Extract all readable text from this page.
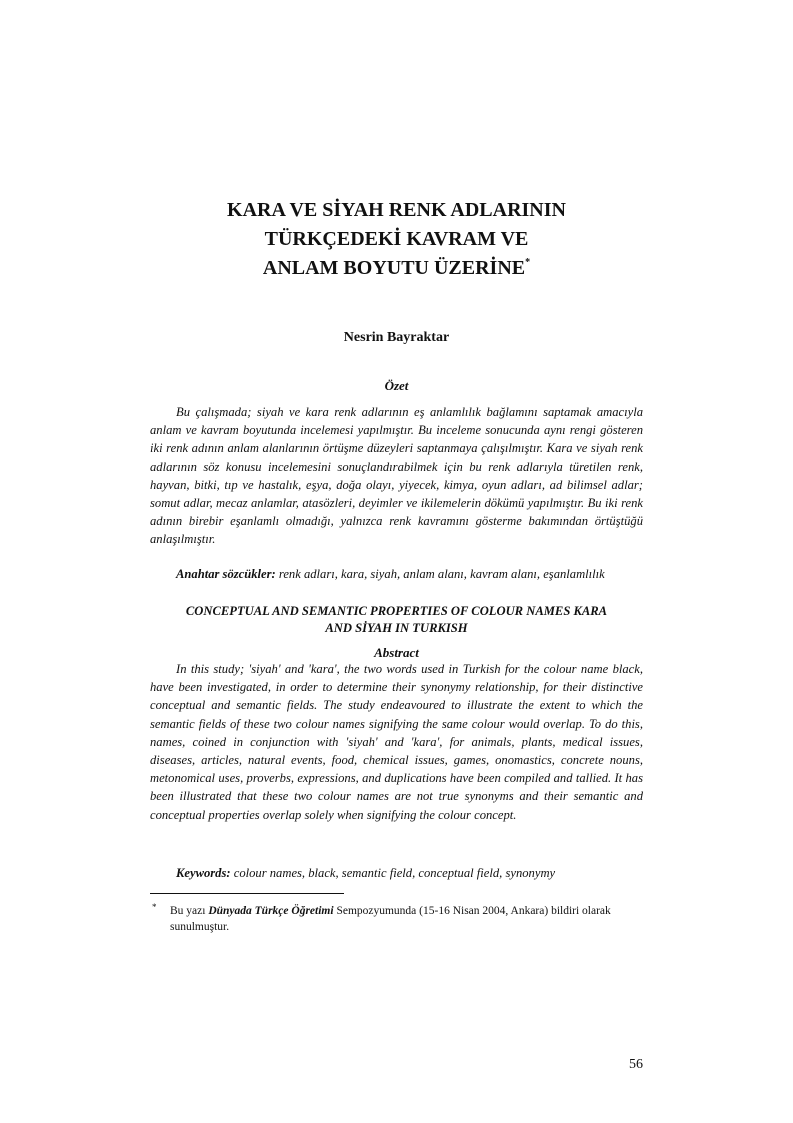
KARA VE SİYAH RENK ADLARININ
TÜRKÇEDEKİ KAVRAM VE
ANLAM BOYUTU ÜZERİNE*

Nesrin Bayraktar

Özet

Bu çalışmada; siyah ve kara renk adlarının eş anlamlılık bağlamını saptamak amacıyla anlam ve kavram boyutunda incelemesi yapılmıştır. Bu inceleme sonucunda aynı rengi gösteren iki renk adının anlam alanlarının örtüşme düzeyleri saptanmaya çalışılmıştır. Kara ve siyah renk adlarının söz konusu incelemesini sonuçlandırabilmek için bu renk adlarıyla türetilen renk, hayvan, bitki, tıp ve hastalık, eşya, doğa olayı, yiyecek, kimya, oyun adları, ad bilimsel adlar; somut adlar, mecaz anlamlar, atasözleri, deyimler ve ikilemelerin dökümü yapılmıştır. Bu iki renk adının birebir eşanlamlı olmadığı, yalnızca renk kavramını gösterme bakımından örtüştüğü anlaşılmıştır.

Anahtar sözcükler: renk adları, kara, siyah, anlam alanı, kavram alanı, eşanlamlılık

CONCEPTUAL AND SEMANTIC PROPERTIES OF COLOUR NAMES KARA
AND SİYAH IN TURKISH

Abstract

In this study; 'siyah' and 'kara', the two words used in Turkish for the colour name black, have been investigated, in order to determine their synonymy relationship, for their distinctive conceptual and semantic fields. The study endeavoured to illustrate the extent to which the semantic fields of these two colour names signifying the same colour would overlap. To do this, names, coined in conjunction with 'siyah' and 'kara', for animals, plants, medical issues, diseases, articles, natural events, food, chemical issues, games, onomastics, concrete nouns, metonomical uses, proverbs, expressions, and duplications have been compiled and tallied. It has been illustrated that these two colour names are not true synonyms and their semantic and conceptual properties overlap solely when signifying the colour concept.

Keywords: colour names, black, semantic field, conceptual field, synonymy

*	Bu yazı Dünyada Türkçe Öğretimi Sempozyumunda (15-16 Nisan 2004, Ankara) bildiri olarak sunulmuştur.

56
